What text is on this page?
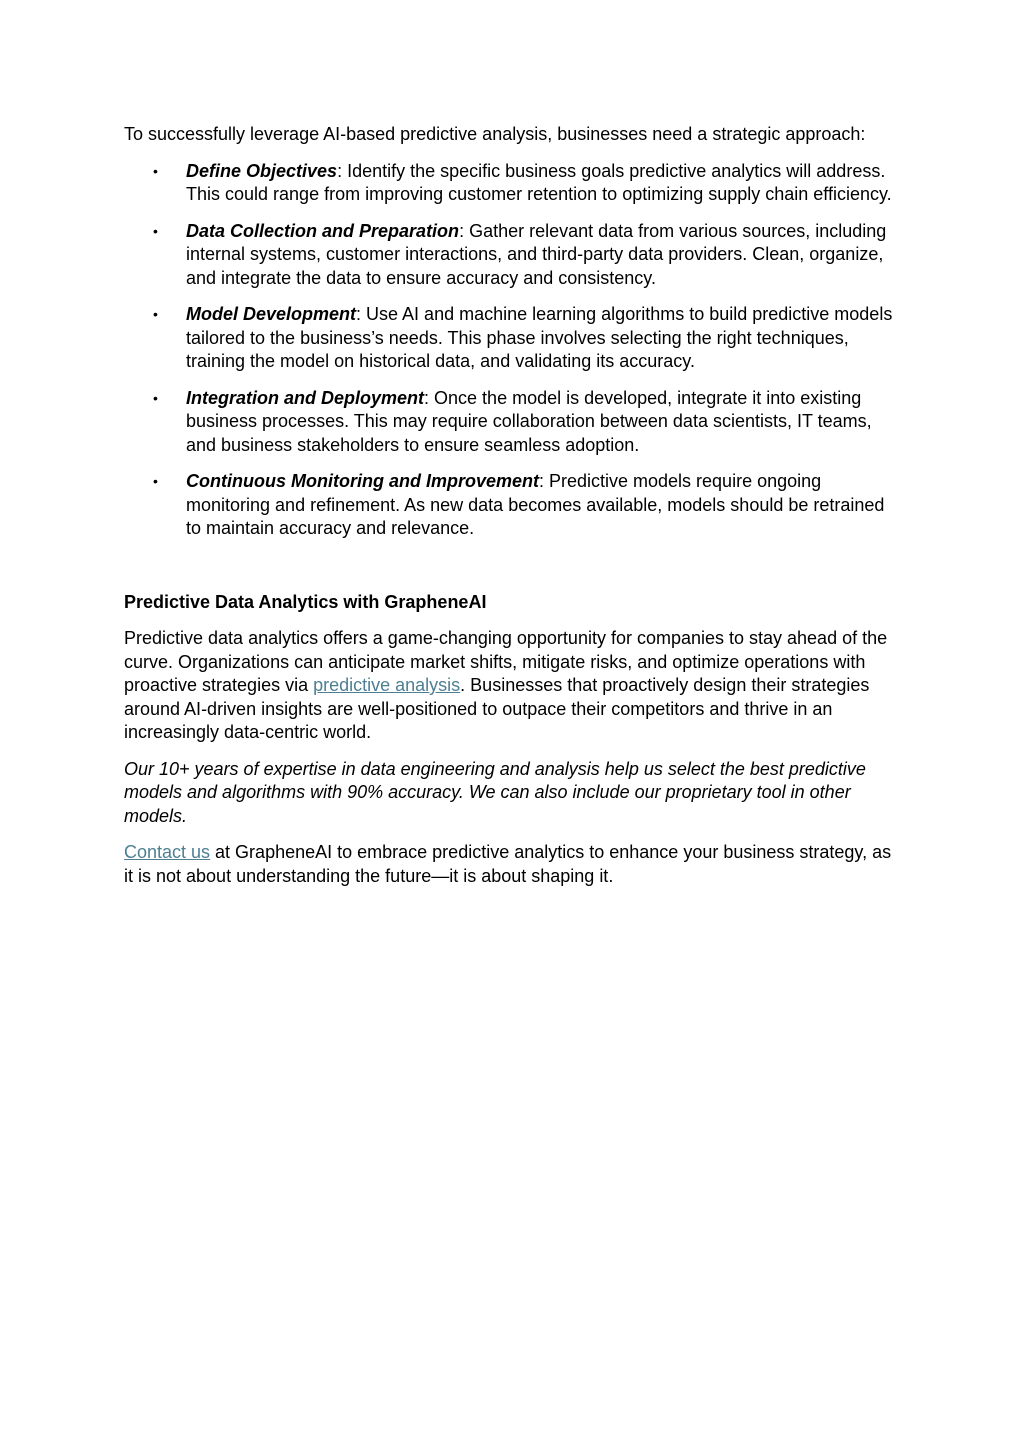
To successfully leverage AI-based predictive analysis, businesses need a strategic approach:

• Define Objectives: Identify the specific business goals predictive analytics will address. This could range from improving customer retention to optimizing supply chain efficiency.
• Data Collection and Preparation: Gather relevant data from various sources, including internal systems, customer interactions, and third-party data providers. Clean, organize, and integrate the data to ensure accuracy and consistency.
• Model Development: Use AI and machine learning algorithms to build predictive models tailored to the business’s needs. This phase involves selecting the right techniques, training the model on historical data, and validating its accuracy.
• Integration and Deployment: Once the model is developed, integrate it into existing business processes. This may require collaboration between data scientists, IT teams, and business stakeholders to ensure seamless adoption.
• Continuous Monitoring and Improvement: Predictive models require ongoing monitoring and refinement. As new data becomes available, models should be retrained to maintain accuracy and relevance.

Predictive Data Analytics with GrapheneAI

Predictive data analytics offers a game-changing opportunity for companies to stay ahead of the curve. Organizations can anticipate market shifts, mitigate risks, and optimize operations with proactive strategies via predictive analysis. Businesses that proactively design their strategies around AI-driven insights are well-positioned to outpace their competitors and thrive in an increasingly data-centric world.

Our 10+ years of expertise in data engineering and analysis help us select the best predictive models and algorithms with 90% accuracy. We can also include our proprietary tool in other models.

Contact us at GrapheneAI to embrace predictive analytics to enhance your business strategy, as it is not about understanding the future—it is about shaping it.
